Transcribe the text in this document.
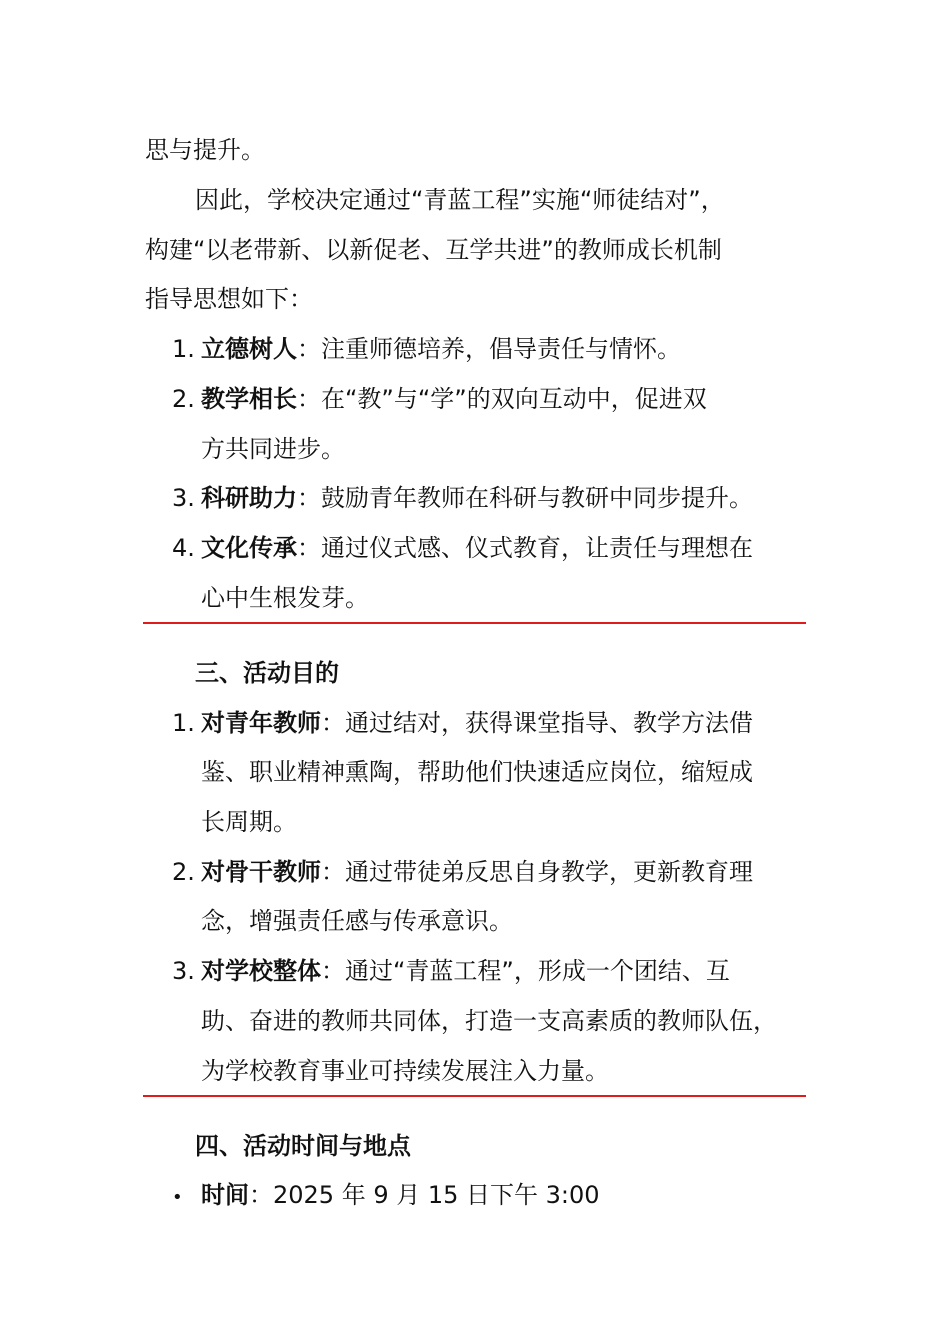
思与提升。
因此，学校决定通过“青蓝工程”实施“师徒结对”，
构建“以老带新、以新促老、互学共进”的教师成长机制
指导思想如下：
1. 立德树人：注重师德培养，倡导责任与情怀。
2. 教学相长：在“教”与“学”的双向互动中，促进双
方共同进步。
3. 科研助力：鼓励青年教师在科研与教研中同步提升。
4. 文化传承：通过仪式感、仪式教育，让责任与理想在
心中生根发芽。
三、活动目的
1. 对青年教师：通过结对，获得课堂指导、教学方法借
鉴、职业精神熏陶，帮助他们快速适应岗位，缩短成
长周期。
2. 对骨干教师：通过带徒弟反思自身教学，更新教育理
念，增强责任感与传承意识。
3. 对学校整体：通过“青蓝工程”，形成一个团结、互
助、奋进的教师共同体，打造一支高素质的教师队伍，
为学校教育事业可持续发展注入力量。
四、活动时间与地点
• 时间：2025 年 9 月 15 日下午 3:00
